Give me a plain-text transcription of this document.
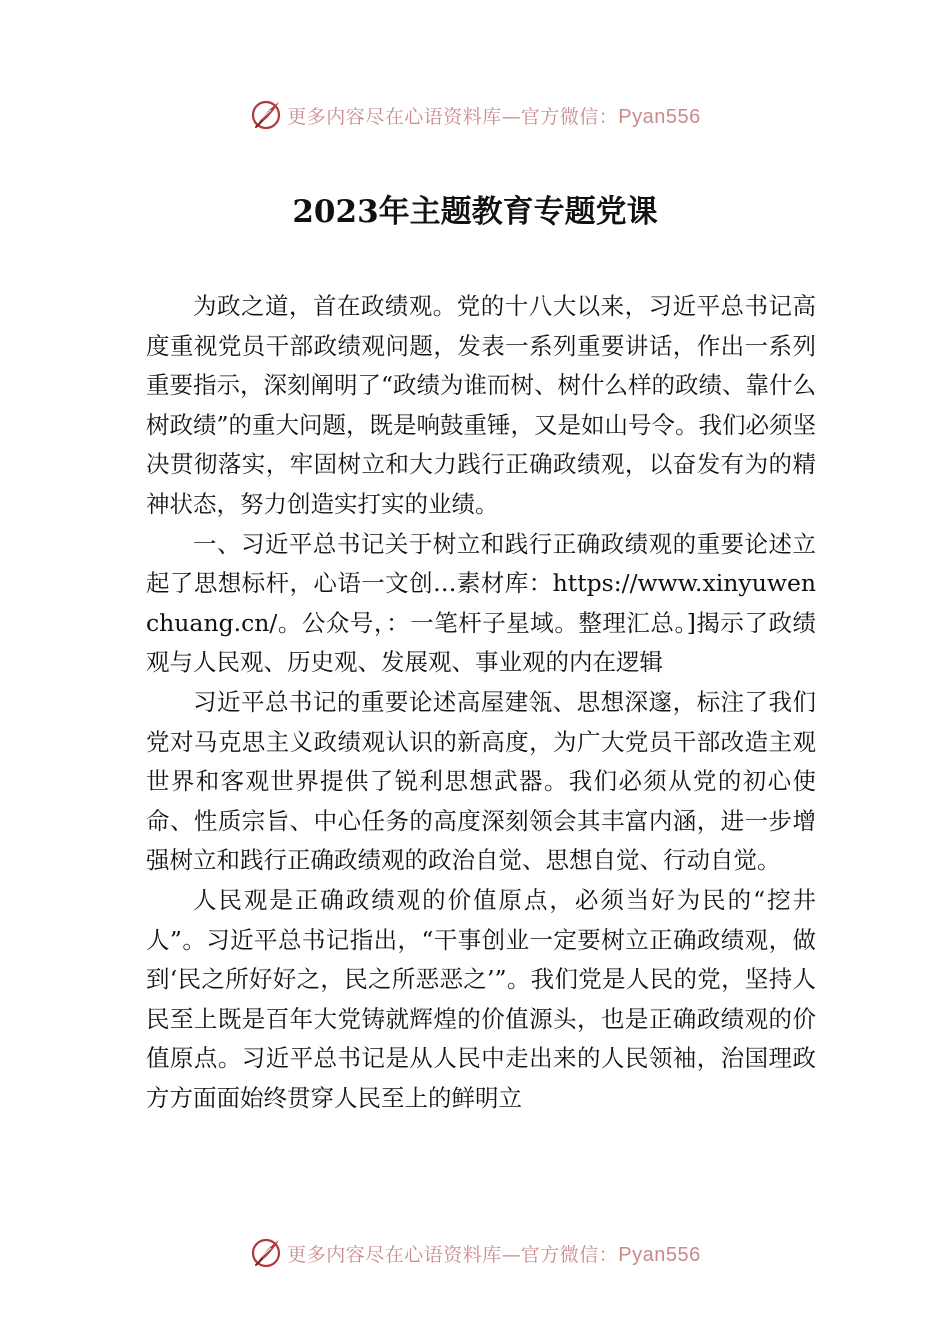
更多内容尽在心语资料库—官方微信：Pyan556
2023年主题教育专题党课

为政之道，首在政绩观。党的十八大以来，习近平总书记高度重视党员干部政绩观问题，发表一系列重要讲话，作出一系列重要指示，深刻阐明了“政绩为谁而树、树什么样的政绩、靠什么树政绩”的重大问题，既是响鼓重锤，又是如山号令。我们必须坚决贯彻落实，牢固树立和大力践行正确政绩观，以奋发有为的精神状态，努力创造实打实的业绩。

一、习近平总书记关于树立和践行正确政绩观的重要论述立起了思想标杆，心语一文创…素材库：https://www.xinyuwenchuang.cn/。公众号，：一笔杆子星域。整理汇总。]揭示了政绩观与人民观、历史观、发展观、事业观的内在逻辑

习近平总书记的重要论述高屋建瓴、思想深邃，标注了我们党对马克思主义政绩观认识的新高度，为广大党员干部改造主观世界和客观世界提供了锐利思想武器。我们必须从党的初心使命、性质宗旨、中心任务的高度深刻领会其丰富内涵，进一步增强树立和践行正确政绩观的政治自觉、思想自觉、行动自觉。

人民观是正确政绩观的价值原点，必须当好为民的“挖井人”。习近平总书记指出，“干事创业一定要树立正确政绩观，做到‘民之所好好之，民之所恶恶之’”。我们党是人民的党，坚持人民至上既是百年大党铸就辉煌的价值源头，也是正确政绩观的价值原点。习近平总书记是从人民中走出来的人民领袖，治国理政方方面面始终贯穿人民至上的鲜明立

更多内容尽在心语资料库—官方微信：Pyan556
